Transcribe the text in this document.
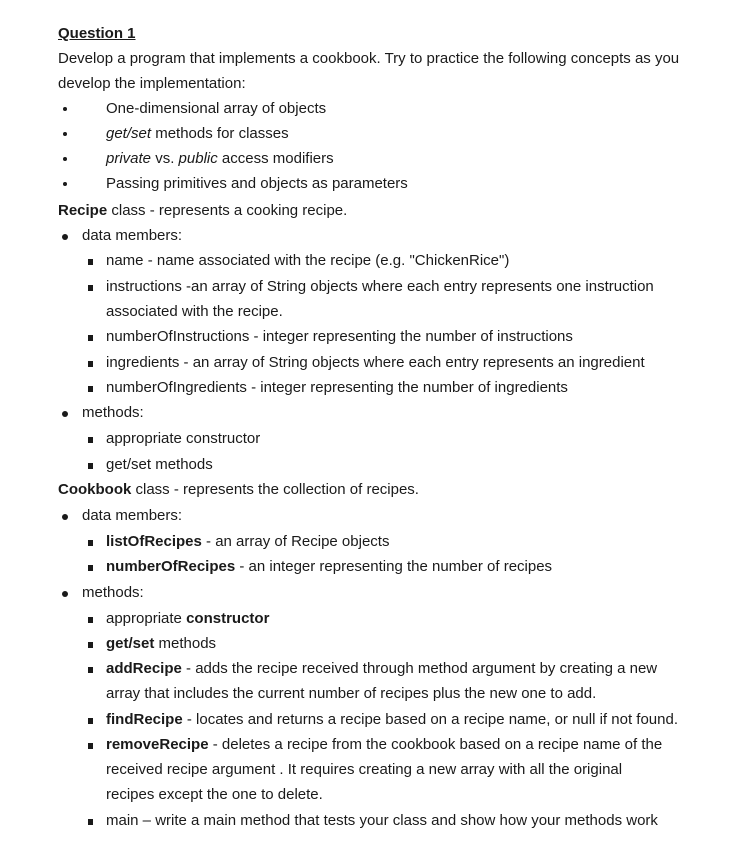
Question 1
Develop a program that implements a cookbook. Try to practice the following concepts as you develop the implementation:
One-dimensional array of objects
get/set methods for classes
private vs. public access modifiers
Passing primitives and objects as parameters
Recipe class - represents a cooking recipe.
data members:
name - name associated with the recipe (e.g. "ChickenRice")
instructions -an array of String objects where each entry represents one instruction associated with the recipe.
numberOfInstructions - integer representing the number of instructions
ingredients - an array of String objects where each entry represents an ingredient
numberOfIngredients - integer representing the number of ingredients
methods:
appropriate constructor
get/set methods
Cookbook class - represents the collection of recipes.
data members:
listOfRecipes - an array of Recipe objects
numberOfRecipes - an integer representing the number of recipes
methods:
appropriate constructor
get/set methods
addRecipe - adds the recipe received through method argument by creating a new array that includes the current number of recipes plus the new one to add.
findRecipe - locates and returns a recipe based on a recipe name, or null if not found.
removeRecipe - deletes a recipe from the cookbook based on a recipe name of the received recipe argument . It requires creating a new array with all the original recipes except the one to delete.
main – write a main method that tests your class and show how your methods work
